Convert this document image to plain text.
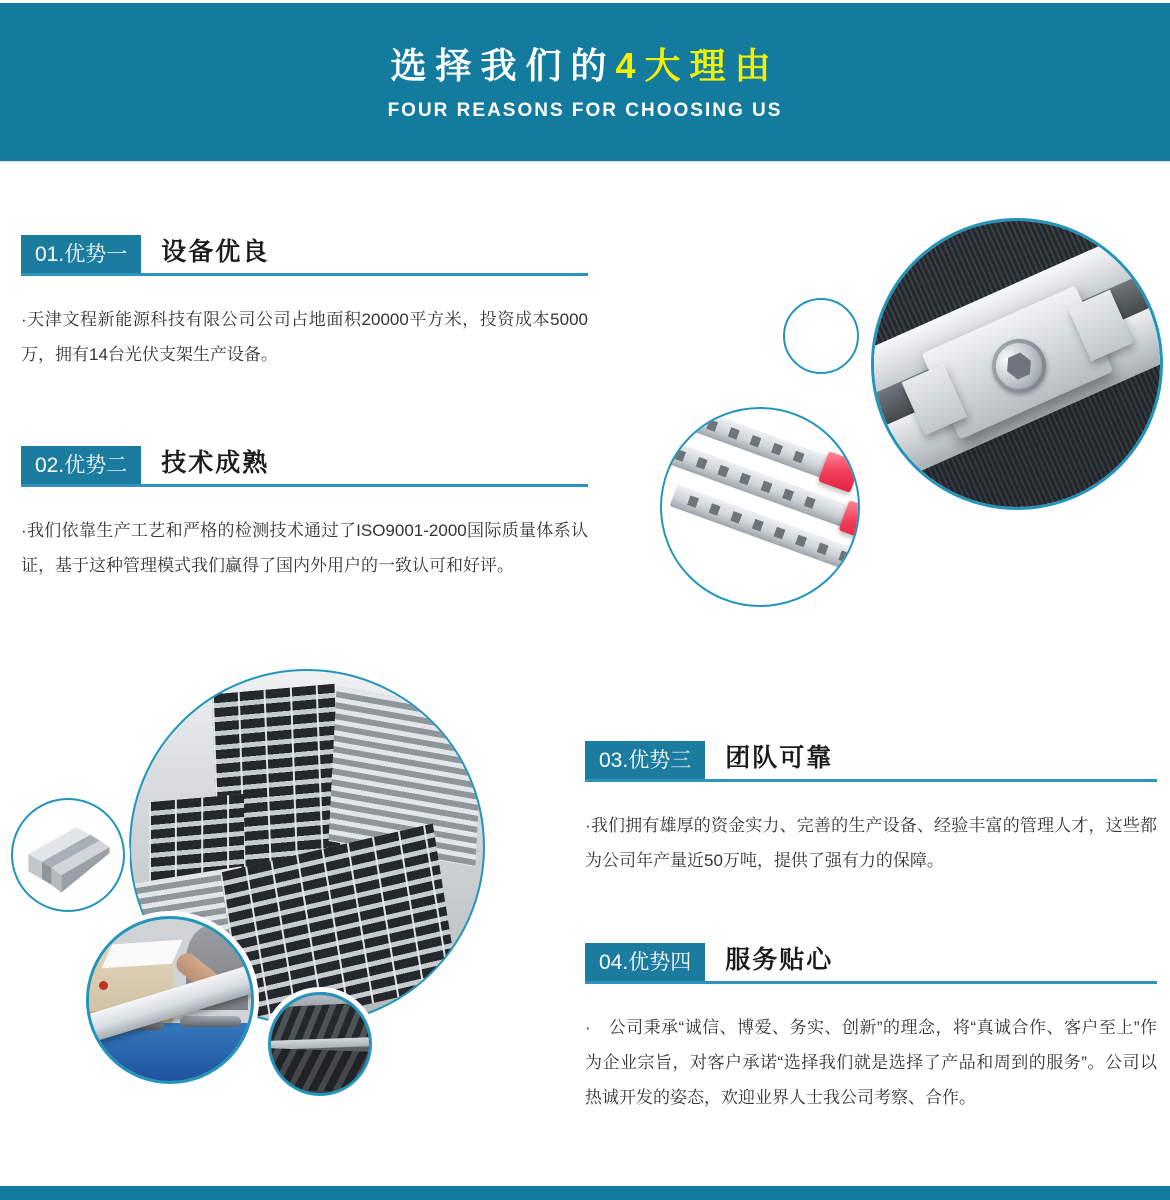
选择我们的4大理由
FOUR REASONS FOR CHOOSING US
01.优势一	设备优良

·天津文程新能源科技有限公司公司占地面积20000平方米，投资成本5000万，拥有14台光伏支架生产设备。

02.优势二	技术成熟

·我们依靠生产工艺和严格的检测技术通过了ISO9001-2000国际质量体系认证，基于这种管理模式我们赢得了国内外用户的一致认可和好评。

03.优势三	团队可靠

·我们拥有雄厚的资金实力、完善的生产设备、经验丰富的管理人才，这些都为公司年产量近50万吨，提供了强有力的保障。

04.优势四	服务贴心

·　公司秉承“诚信、博爱、务实、创新”的理念，将“真诚合作、客户至上”作为企业宗旨，对客户承诺“选择我们就是选择了产品和周到的服务”。公司以热诚开发的姿态，欢迎业界人士我公司考察、合作。
